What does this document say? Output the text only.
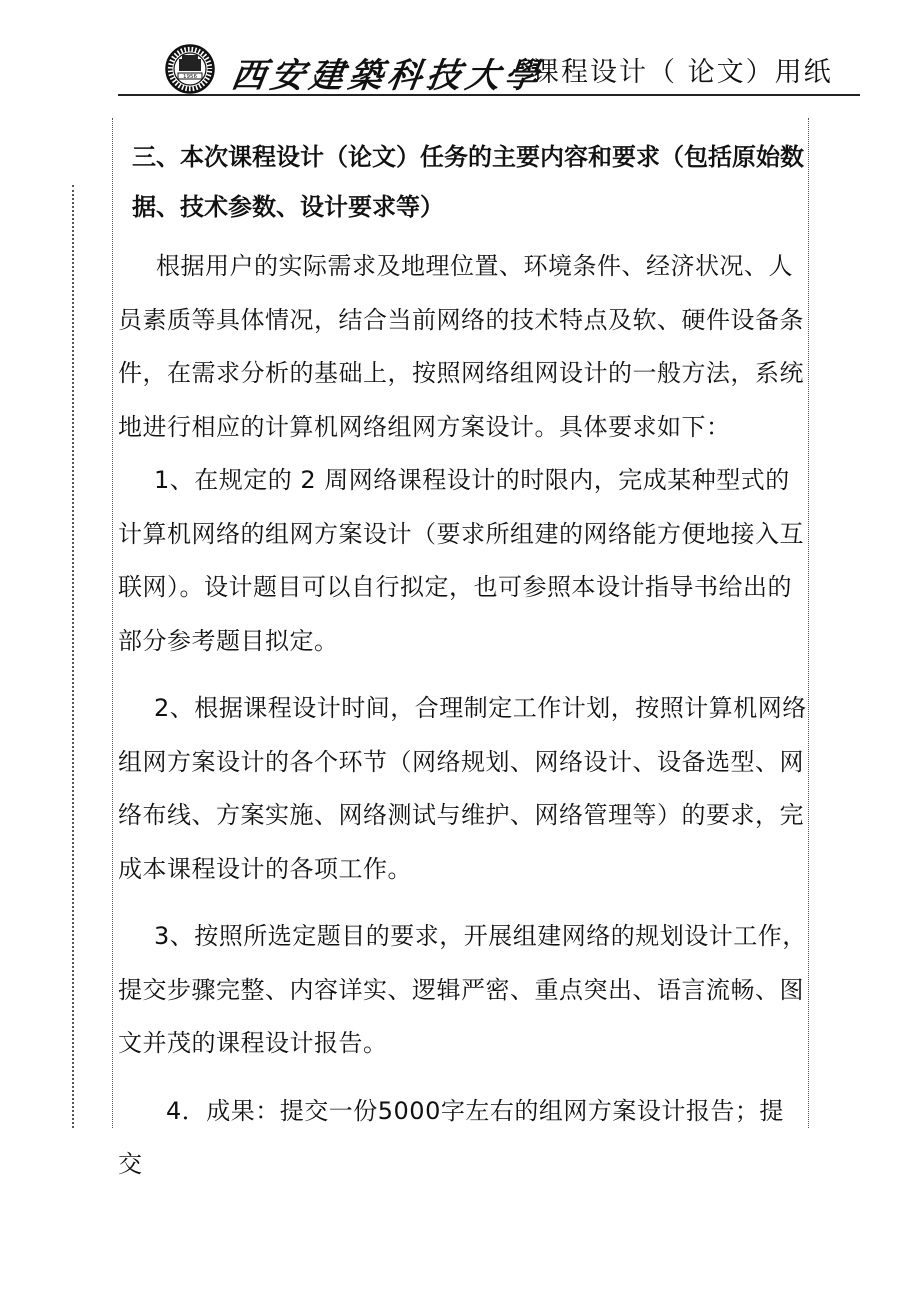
1956 西安建築科技大學
课程设计（ 论文）用纸

三、本次课程设计（论文）任务的主要内容和要求（包括原始数据、技术参数、设计要求等）

根据用户的实际需求及地理位置、环境条件、经济状况、人员素质等具体情况，结合当前网络的技术特点及软、硬件设备条件，在需求分析的基础上，按照网络组网设计的一般方法，系统地进行相应的计算机网络组网方案设计。具体要求如下：

1、在规定的 2 周网络课程设计的时限内，完成某种型式的计算机网络的组网方案设计（要求所组建的网络能方便地接入互联网）。设计题目可以自行拟定，也可参照本设计指导书给出的部分参考题目拟定。

2、根据课程设计时间，合理制定工作计划，按照计算机网络组网方案设计的各个环节（网络规划、网络设计、设备选型、网络布线、方案实施、网络测试与维护、网络管理等）的要求，完成本课程设计的各项工作。

3、按照所选定题目的要求，开展组建网络的规划设计工作，提交步骤完整、内容详实、逻辑严密、重点突出、语言流畅、图文并茂的课程设计报告。

4．成果：提交一份5000字左右的组网方案设计报告；提交
